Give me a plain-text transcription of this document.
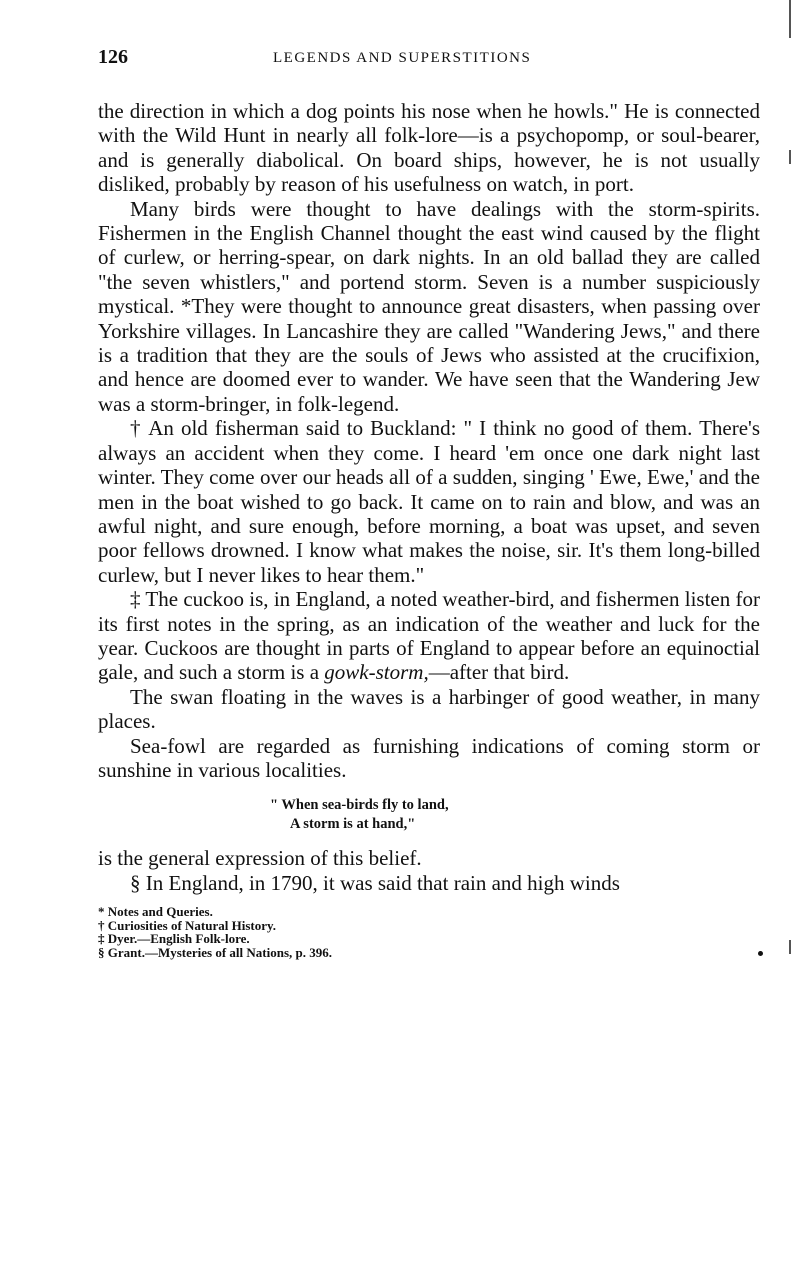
126	LEGENDS AND SUPERSTITIONS

the direction in which a dog points his nose when he howls." He is connected with the Wild Hunt in nearly all folk-lore—is a psychopomp, or soul-bearer, and is generally diabolical. On board ships, however, he is not usually disliked, probably by reason of his usefulness on watch, in port.

Many birds were thought to have dealings with the storm-spirits. Fishermen in the English Channel thought the east wind caused by the flight of curlew, or herring-spear, on dark nights. In an old ballad they are called "the seven whistlers," and portend storm. Seven is a number suspiciously mystical. *They were thought to announce great disasters, when passing over Yorkshire villages. In Lancashire they are called "Wandering Jews," and there is a tradition that they are the souls of Jews who assisted at the crucifixion, and hence are doomed ever to wander. We have seen that the Wandering Jew was a storm-bringer, in folk-legend.

† An old fisherman said to Buckland: " I think no good of them. There's always an accident when they come. I heard 'em once one dark night last winter. They come over our heads all of a sudden, singing ' Ewe, Ewe,' and the men in the boat wished to go back. It came on to rain and blow, and was an awful night, and sure enough, before morning, a boat was upset, and seven poor fellows drowned. I know what makes the noise, sir. It's them long-billed curlew, but I never likes to hear them."

‡ The cuckoo is, in England, a noted weather-bird, and fishermen listen for its first notes in the spring, as an indication of the weather and luck for the year. Cuckoos are thought in parts of England to appear before an equinoctial gale, and such a storm is a gowk-storm,—after that bird.

The swan floating in the waves is a harbinger of good weather, in many places.

Sea-fowl are regarded as furnishing indications of coming storm or sunshine in various localities.

" When sea-birds fly to land,
A storm is at hand,"

is the general expression of this belief.

§ In England, in 1790, it was said that rain and high winds

* Notes and Queries.
† Curiosities of Natural History.
‡ Dyer.—English Folk-lore.
§ Grant.—Mysteries of all Nations, p. 396.
